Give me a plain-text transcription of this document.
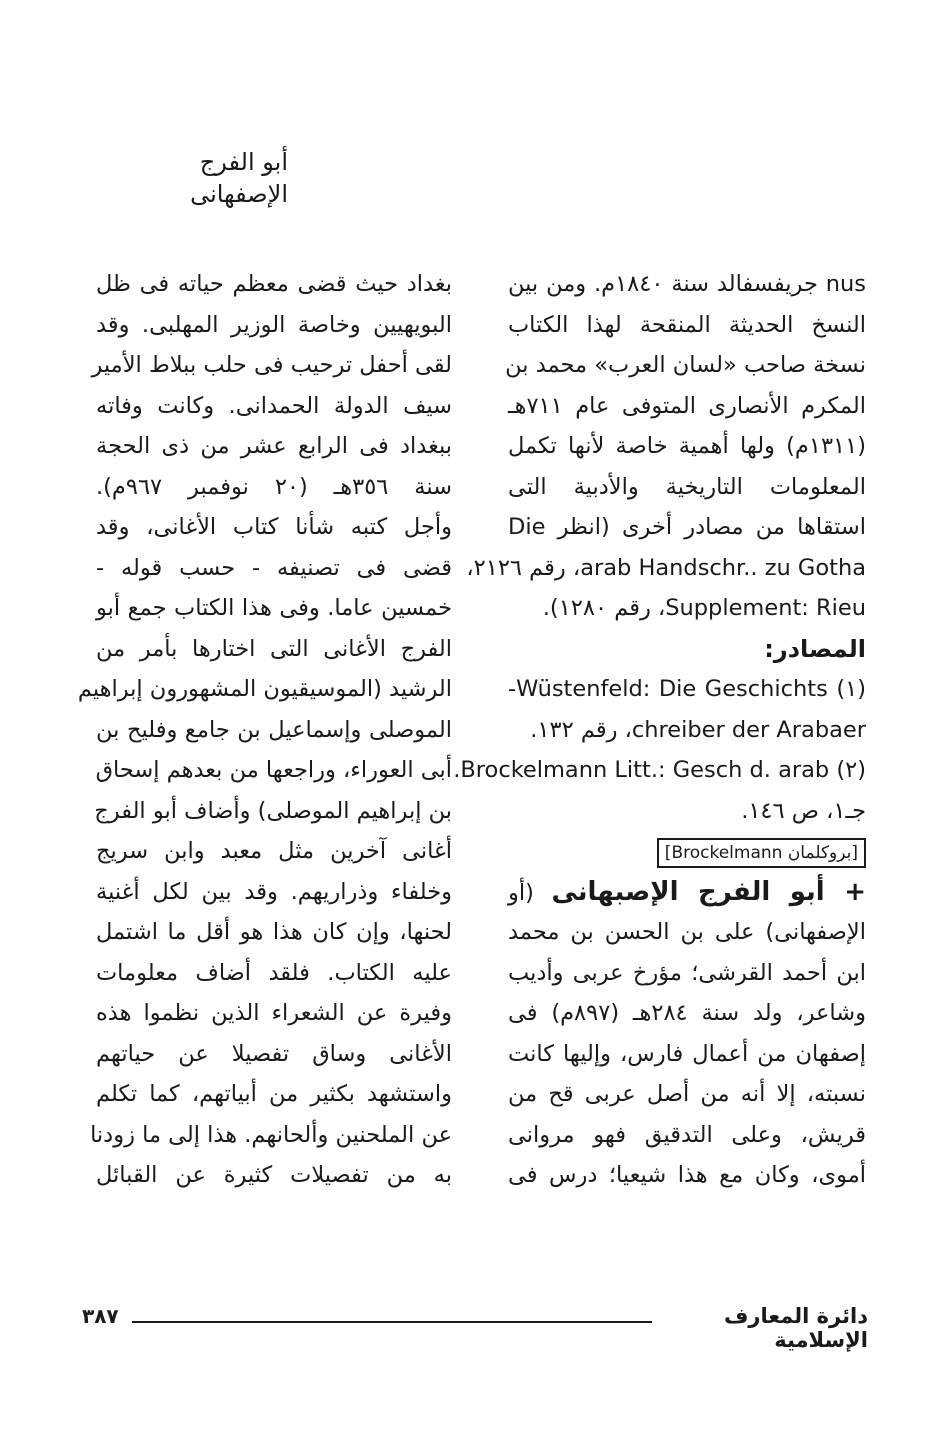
أبو الفرج الإصفهانى
nus جريفسفالد سنة ١٨٤٠م. ومن بين
النسخ الحديثة المنقحة لهذا الكتاب
نسخة صاحب «لسان العرب» محمد بن
المكرم الأنصارى المتوفى عام ٧١١هـ
(١٣١١م) ولها أهمية خاصة لأنها تكمل
المعلومات التاريخية والأدبية التى
استقاها من مصادر أخرى (انظر Die
arab Handschr.. zu Gotha، رقم ٢١٢٦،
Supplement: Rieu، رقم ١٢٨٠).
المصادر:
(١) Wüstenfeld: Die Geschichts-
chreiber der Arabaer، رقم ١٣٢.
(٢) Brockelmann Litt.: Gesch d. arab.
جـ١، ص ١٤٦.
[بروكلمان Brockelmann]
+ أبو الفرج الإصبهانى (أو
الإصفهانى) على بن الحسن بن محمد
ابن أحمد القرشى؛ مؤرخ عربى وأديب
وشاعر، ولد سنة ٢٨٤هـ (٨٩٧م) فى
إصفهان من أعمال فارس، وإليها كانت
نسبته، إلا أنه من أصل عربى قح من
قريش، وعلى التدقيق فهو مروانى
أموى، وكان مع هذا شيعيا؛ درس فى
بغداد حيث قضى معظم حياته فى ظل
البويهيين وخاصة الوزير المهلبى. وقد
لقى أحفل ترحيب فى حلب ببلاط الأمير
سيف الدولة الحمدانى. وكانت وفاته
ببغداد فى الرابع عشر من ذى الحجة
سنة ٣٥٦هـ (٢٠ نوفمبر ٩٦٧م).
وأجل كتبه شأنا كتاب الأغانى، وقد
قضى فى تصنيفه - حسب قوله -
خمسين عاما. وفى هذا الكتاب جمع أبو
الفرج الأغانى التى اختارها بأمر من
الرشيد (الموسيقيون المشهورون إبراهيم
الموصلى وإسماعيل بن جامع وفليح بن
أبى العوراء، وراجعها من بعدهم إسحاق
بن إبراهيم الموصلى) وأضاف أبو الفرج
أغانى آخرين مثل معبد وابن سريج
وخلفاء وذراريهم. وقد بين لكل أغنية
لحنها، وإن كان هذا هو أقل ما اشتمل
عليه الكتاب. فلقد أضاف معلومات
وفيرة عن الشعراء الذين نظموا هذه
الأغانى وساق تفصيلا عن حياتهم
واستشهد بكثير من أبياتهم، كما تكلم
عن الملحنين وألحانهم. هذا إلى ما زودنا
به من تفصيلات كثيرة عن القبائل
٣٨٧	دائرة المعارف الإسلامية
